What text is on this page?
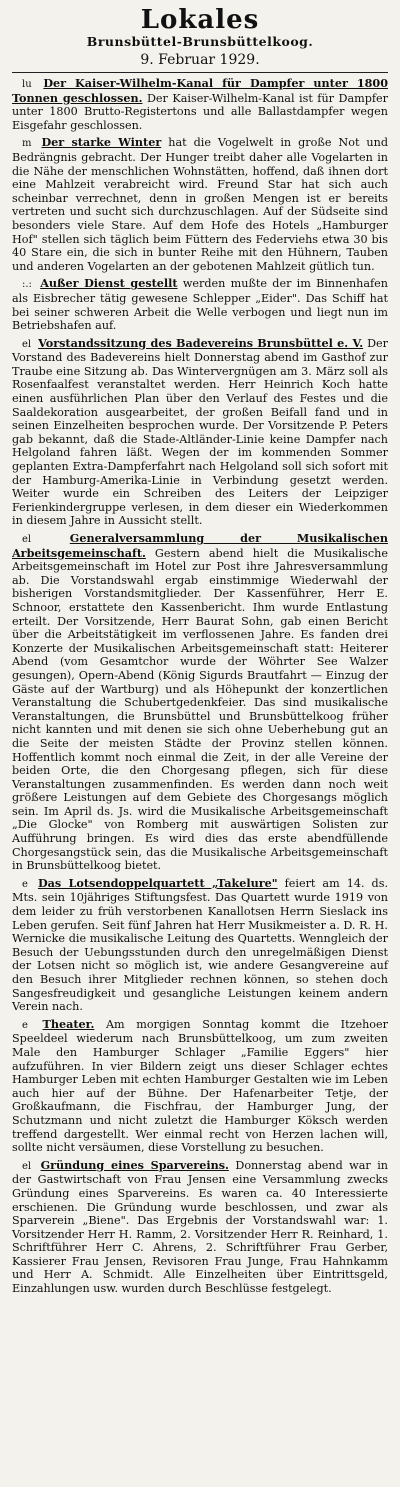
Lokales
Brunsbüttel-Brunsbüttelkoog.
9. Februar 1929.

lu Der Kaiser-Wilhelm-Kanal für Dampfer unter 1800 Tonnen geschlossen. Der Kaiser-Wilhelm-Kanal ist für Dampfer unter 1800 Brutto-Registertons und alle Ballastdampfer wegen Eisgefahr geschlossen.

m Der starke Winter hat die Vogelwelt in große Not und Bedrängnis gebracht. Der Hunger treibt daher alle Vogelarten in die Nähe der menschlichen Wohnstätten, hoffend, daß ihnen dort eine Mahlzeit verabreicht wird. Freund Star hat sich auch scheinbar verrechnet, denn in großen Mengen ist er bereits vertreten und sucht sich durchzuschlagen. Auf der Südseite sind besonders viele Stare. Auf dem Hofe des Hotels „Hamburger Hof" stellen sich täglich beim Füttern des Federviehs etwa 30 bis 40 Stare ein, die sich in bunter Reihe mit den Hühnern, Tauben und anderen Vogelarten an der gebotenen Mahlzeit gütlich tun.

:.: Außer Dienst gestellt werden mußte der im Binnenhafen als Eisbrecher tätig gewesene Schlepper „Eider". Das Schiff hat bei seiner schweren Arbeit die Welle verbogen und liegt nun im Betriebshafen auf.

el Vorstandssitzung des Badevereins Brunsbüttel e. V. Der Vorstand des Badevereins hielt Donnerstag abend im Gasthof zur Traube eine Sitzung ab. Das Wintervergnügen am 3. März soll als Rosenfaalfest veranstaltet werden. Herr Heinrich Koch hatte einen ausführlichen Plan über den Verlauf des Festes und die Saaldekoration ausgearbeitet, der großen Beifall fand und in seinen Einzelheiten besprochen wurde. Der Vorsitzende P. Peters gab bekannt, daß die Stade-Altländer-Linie keine Dampfer nach Helgoland fahren läßt. Wegen der im kommenden Sommer geplanten Extra-Dampferfahrt nach Helgoland soll sich sofort mit der Hamburg-Amerika-Linie in Verbindung gesetzt werden. Weiter wurde ein Schreiben des Leiters der Leipziger Ferienkindergruppe verlesen, in dem dieser ein Wiederkommen in diesem Jahre in Aussicht stellt.

el	Generalversammlung der Musikalischen Arbeitsgemeinschaft. Gestern abend hielt die Musikalische Arbeitsgemeinschaft im Hotel zur Post ihre Jahresversammlung ab. Die Vorstandswahl ergab einstimmige Wiederwahl der bisherigen Vorstandsmitglieder. Der Kassenführer, Herr E. Schnoor, erstattete den Kassenbericht. Ihm wurde Entlastung erteilt. Der Vorsitzende, Herr Baurat Sohn, gab einen Bericht über die Arbeitstätigkeit im verflossenen Jahre. Es fanden drei Konzerte der Musikalischen Arbeitsgemeinschaft statt: Heiterer Abend (vom Gesamtchor wurde der Wöhrter See Walzer gesungen), Opern-Abend (König Sigurds Brautfahrt — Einzug der Gäste auf der Wartburg) und als Höhepunkt der konzertlichen Veranstaltung die Schubertgedenkfeier. Das sind musikalische Veranstaltungen, die Brunsbüttel und Brunsbüttelkoog früher nicht kannten und mit denen sie sich ohne Ueberhebung gut an die Seite der meisten Städte der Provinz stellen können. Hoffentlich kommt noch einmal die Zeit, in der alle Vereine der beiden Orte, die den Chorgesang pflegen, sich für diese Veranstaltungen zusammenfinden. Es werden dann noch weit größere Leistungen auf dem Gebiete des Chorgesangs möglich sein. Im April ds. Js. wird die Musikalische Arbeitsgemeinschaft „Die Glocke" von Romberg mit auswärtigen Solisten zur Aufführung bringen. Es wird dies das erste abendfüllende Chorgesangstück sein, das die Musikalische Arbeitsgemeinschaft in Brunsbüttelkoog bietet.

e Das Lotsendoppelquartett „Takelure" feiert am 14. ds. Mts. sein 10jähriges Stiftungsfest. Das Quartett wurde 1919 von dem leider zu früh verstorbenen Kanallotsen Herrn Sieslack ins Leben gerufen. Seit fünf Jahren hat Herr Musikmeister a. D. R. H. Wernicke die musikalische Leitung des Quartetts. Wenngleich der Besuch der Uebungsstunden durch den unregelmäßigen Dienst der Lotsen nicht so möglich ist, wie andere Gesangvereine auf den Besuch ihrer Mitglieder rechnen können, so stehen doch Sangesfreudigkeit und gesangliche Leistungen keinem andern Verein nach.

e Theater. Am morgigen Sonntag kommt die Itzehoer Speeldeel wiederum nach Brunsbüttelkoog, um zum zweiten Male den Hamburger Schlager „Familie Eggers" hier aufzuführen. In vier Bildern zeigt uns dieser Schlager echtes Hamburger Leben mit echten Hamburger Gestalten wie im Leben auch hier auf der Bühne. Der Hafenarbeiter Tetje, der Großkaufmann, die Fischfrau, der Hamburger Jung, der Schutzmann und nicht zuletzt die Hamburger Köksch werden treffend dargestellt. Wer einmal recht von Herzen lachen will, sollte nicht versäumen, diese Vorstellung zu besuchen.

el Gründung eines Sparvereins. Donnerstag abend war in der Gastwirtschaft von Frau Jensen eine Versammlung zwecks Gründung eines Sparvereins. Es waren ca. 40 Interessierte erschienen. Die Gründung wurde beschlossen, und zwar als Sparverein „Biene". Das Ergebnis der Vorstandswahl war: 1. Vorsitzender Herr H. Ramm, 2. Vorsitzender Herr R. Reinhard, 1. Schriftführer Herr C. Ahrens, 2. Schriftführer Frau Gerber, Kassierer Frau Jensen, Revisoren Frau Junge, Frau Hahnkamm und Herr A. Schmidt. Alle Einzelheiten über Eintrittsgeld, Einzahlungen usw. wurden durch Beschlüsse festgelegt.
